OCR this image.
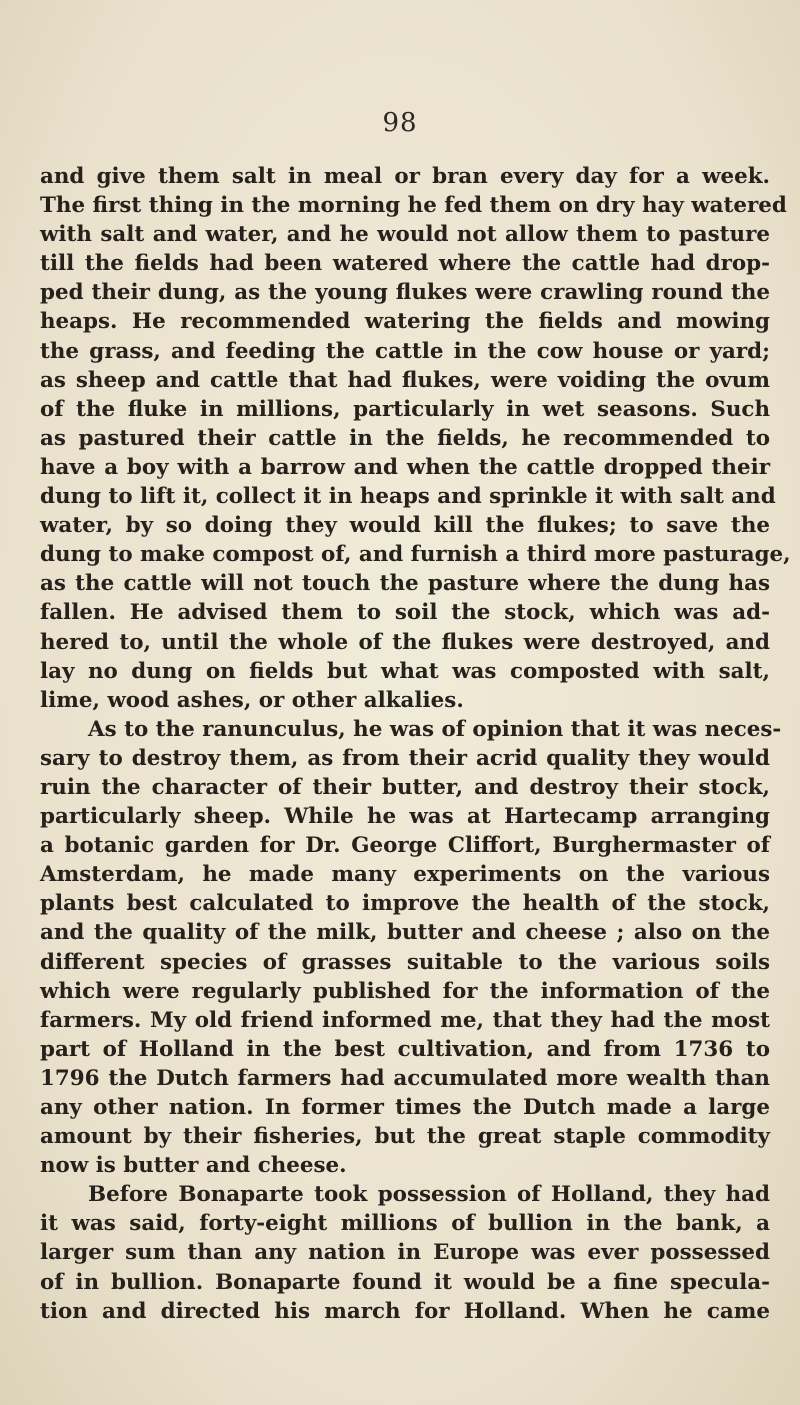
98
and give them salt in meal or bran every day for a week.
The first thing in the morning he fed them on dry hay watered
with salt and water, and he would not allow them to pasture
till the fields had been watered where the cattle had drop-
ped their dung, as the young flukes were crawling round the
heaps. He recommended watering the fields and mowing
the grass, and feeding the cattle in the cow house or yard;
as sheep and cattle that had flukes, were voiding the ovum
of the fluke in millions, particularly in wet seasons. Such
as pastured their cattle in the fields, he recommended to
have a boy with a barrow and when the cattle dropped their
dung to lift it, collect it in heaps and sprinkle it with salt and
water, by so doing they would kill the flukes; to save the
dung to make compost of, and furnish a third more pasturage,
as the cattle will not touch the pasture where the dung has
fallen. He advised them to soil the stock, which was ad-
hered to, until the whole of the flukes were destroyed, and
lay no dung on fields but what was composted with salt,
lime, wood ashes, or other alkalies.
As to the ranunculus, he was of opinion that it was neces-
sary to destroy them, as from their acrid quality they would
ruin the character of their butter, and destroy their stock,
particularly sheep. While he was at Hartecamp arranging
a botanic garden for Dr. George Cliffort, Burghermaster of
Amsterdam, he made many experiments on the various
plants best calculated to improve the health of the stock,
and the quality of the milk, butter and cheese ; also on the
different species of grasses suitable to the various soils
which were regularly published for the information of the
farmers. My old friend informed me, that they had the most
part of Holland in the best cultivation, and from 1736 to
1796 the Dutch farmers had accumulated more wealth than
any other nation. In former times the Dutch made a large
amount by their fisheries, but the great staple commodity
now is butter and cheese.
Before Bonaparte took possession of Holland, they had
it was said, forty-eight millions of bullion in the bank, a
larger sum than any nation in Europe was ever possessed
of in bullion. Bonaparte found it would be a fine specula-
tion and directed his march for Holland. When he came
